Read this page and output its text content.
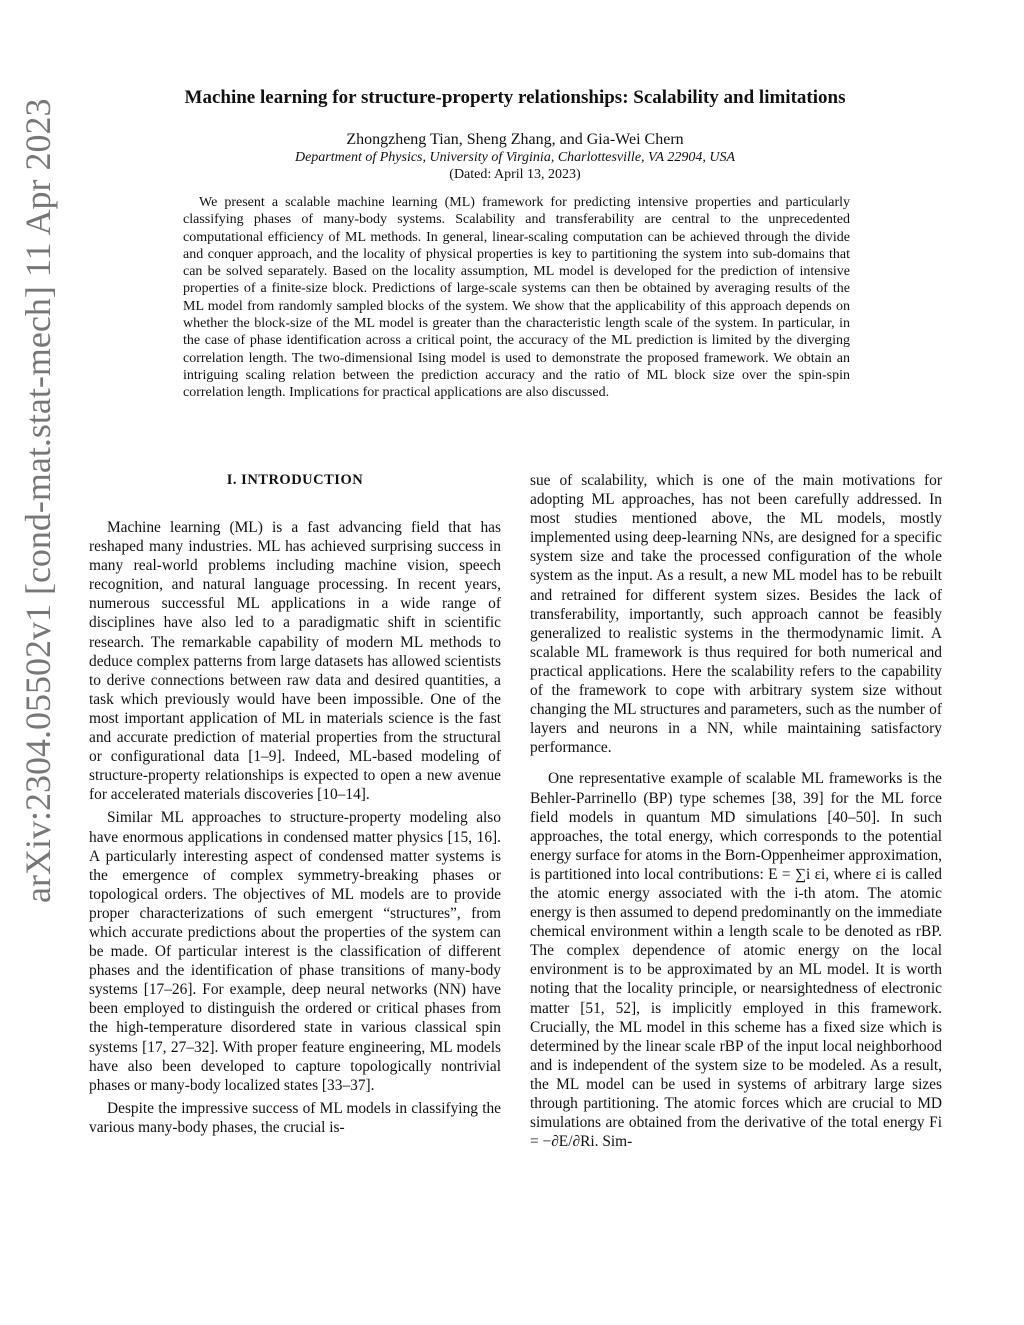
arXiv:2304.05502v1 [cond-mat.stat-mech] 11 Apr 2023
Machine learning for structure-property relationships: Scalability and limitations
Zhongzheng Tian, Sheng Zhang, and Gia-Wei Chern
Department of Physics, University of Virginia, Charlottesville, VA 22904, USA
(Dated: April 13, 2023)

We present a scalable machine learning (ML) framework for predicting intensive properties and particularly classifying phases of many-body systems. Scalability and transferability are central to the unprecedented computational efficiency of ML methods. In general, linear-scaling computation can be achieved through the divide and conquer approach, and the locality of physical properties is key to partitioning the system into sub-domains that can be solved separately. Based on the locality assumption, ML model is developed for the prediction of intensive properties of a finite-size block. Predictions of large-scale systems can then be obtained by averaging results of the ML model from randomly sampled blocks of the system. We show that the applicability of this approach depends on whether the block-size of the ML model is greater than the characteristic length scale of the system. In particular, in the case of phase identification across a critical point, the accuracy of the ML prediction is limited by the diverging correlation length. The two-dimensional Ising model is used to demonstrate the proposed framework. We obtain an intriguing scaling relation between the prediction accuracy and the ratio of ML block size over the spin-spin correlation length. Implications for practical applications are also discussed.

I. INTRODUCTION

Machine learning (ML) is a fast advancing field that has reshaped many industries. ML has achieved surprising success in many real-world problems including machine vision, speech recognition, and natural language processing. In recent years, numerous successful ML applications in a wide range of disciplines have also led to a paradigmatic shift in scientific research. The remarkable capability of modern ML methods to deduce complex patterns from large datasets has allowed scientists to derive connections between raw data and desired quantities, a task which previously would have been impossible. One of the most important application of ML in materials science is the fast and accurate prediction of material properties from the structural or configurational data [1–9]. Indeed, ML-based modeling of structure-property relationships is expected to open a new avenue for accelerated materials discoveries [10–14].

Similar ML approaches to structure-property modeling also have enormous applications in condensed matter physics [15, 16]. A particularly interesting aspect of condensed matter systems is the emergence of complex symmetry-breaking phases or topological orders. The objectives of ML models are to provide proper characterizations of such emergent “structures”, from which accurate predictions about the properties of the system can be made. Of particular interest is the classification of different phases and the identification of phase transitions of many-body systems [17–26]. For example, deep neural networks (NN) have been employed to distinguish the ordered or critical phases from the high-temperature disordered state in various classical spin systems [17, 27–32]. With proper feature engineering, ML models have also been developed to capture topologically nontrivial phases or many-body localized states [33–37].

Despite the impressive success of ML models in classifying the various many-body phases, the crucial is-

sue of scalability, which is one of the main motivations for adopting ML approaches, has not been carefully addressed. In most studies mentioned above, the ML models, mostly implemented using deep-learning NNs, are designed for a specific system size and take the processed configuration of the whole system as the input. As a result, a new ML model has to be rebuilt and retrained for different system sizes. Besides the lack of transferability, importantly, such approach cannot be feasibly generalized to realistic systems in the thermodynamic limit. A scalable ML framework is thus required for both numerical and practical applications. Here the scalability refers to the capability of the framework to cope with arbitrary system size without changing the ML structures and parameters, such as the number of layers and neurons in a NN, while maintaining satisfactory performance.

One representative example of scalable ML frameworks is the Behler-Parrinello (BP) type schemes [38, 39] for the ML force field models in quantum MD simulations [40–50]. In such approaches, the total energy, which corresponds to the potential energy surface for atoms in the Born-Oppenheimer approximation, is partitioned into local contributions: E = ∑i εi, where εi is called the atomic energy associated with the i-th atom. The atomic energy is then assumed to depend predominantly on the immediate chemical environment within a length scale to be denoted as rBP. The complex dependence of atomic energy on the local environment is to be approximated by an ML model. It is worth noting that the locality principle, or nearsightedness of electronic matter [51, 52], is implicitly employed in this framework. Crucially, the ML model in this scheme has a fixed size which is determined by the linear scale rBP of the input local neighborhood and is independent of the system size to be modeled. As a result, the ML model can be used in systems of arbitrary large sizes through partitioning. The atomic forces which are crucial to MD simulations are obtained from the derivative of the total energy Fi = −∂E/∂Ri. Sim-
